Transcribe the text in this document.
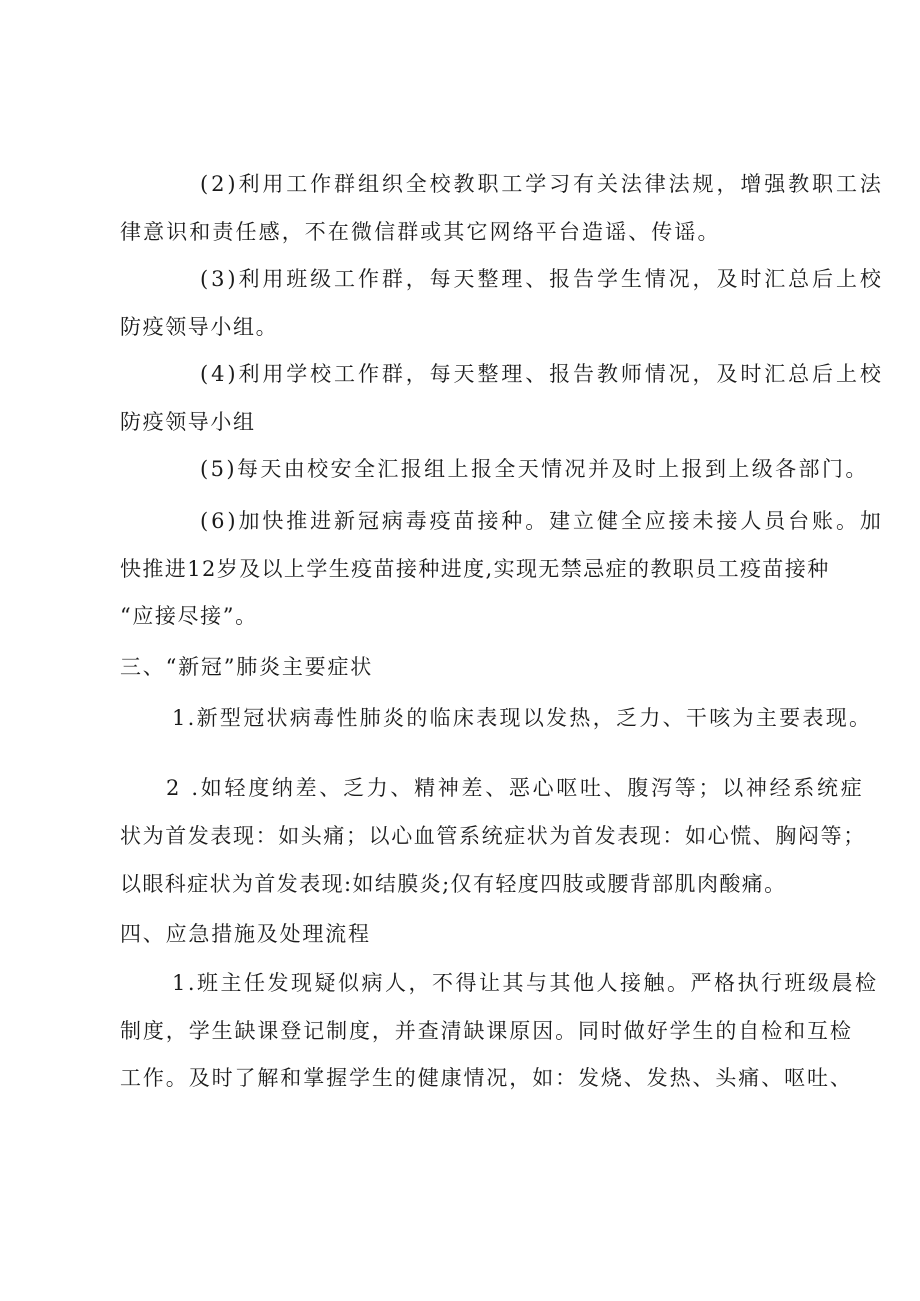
(2)利用工作群组织全校教职工学习有关法律法规，增强教职工法
律意识和责任感，不在微信群或其它网络平台造谣、传谣。
(3)利用班级工作群，每天整理、报告学生情况，及时汇总后上校
防疫领导小组。
(4)利用学校工作群，每天整理、报告教师情况，及时汇总后上校
防疫领导小组
(5)每天由校安全汇报组上报全天情况并及时上报到上级各部门。
(6)加快推进新冠病毒疫苗接种。建立健全应接未接人员台账。加
快推进12岁及以上学生疫苗接种进度,实现无禁忌症的教职员工疫苗接种
“应接尽接”。
三、“新冠”肺炎主要症状
1.新型冠状病毒性肺炎的临床表现以发热，乏力、干咳为主要表现。
2 .如轻度纳差、乏力、精神差、恶心呕吐、腹泻等；以神经系统症
状为首发表现：如头痛；以心血管系统症状为首发表现：如心慌、胸闷等；
以眼科症状为首发表现:如结膜炎;仅有轻度四肢或腰背部肌肉酸痛。
四、应急措施及处理流程
1.班主任发现疑似病人，不得让其与其他人接触。严格执行班级晨检
制度，学生缺课登记制度，并查清缺课原因。同时做好学生的自检和互检
工作。及时了解和掌握学生的健康情况，如：发烧、发热、头痛、呕吐、
